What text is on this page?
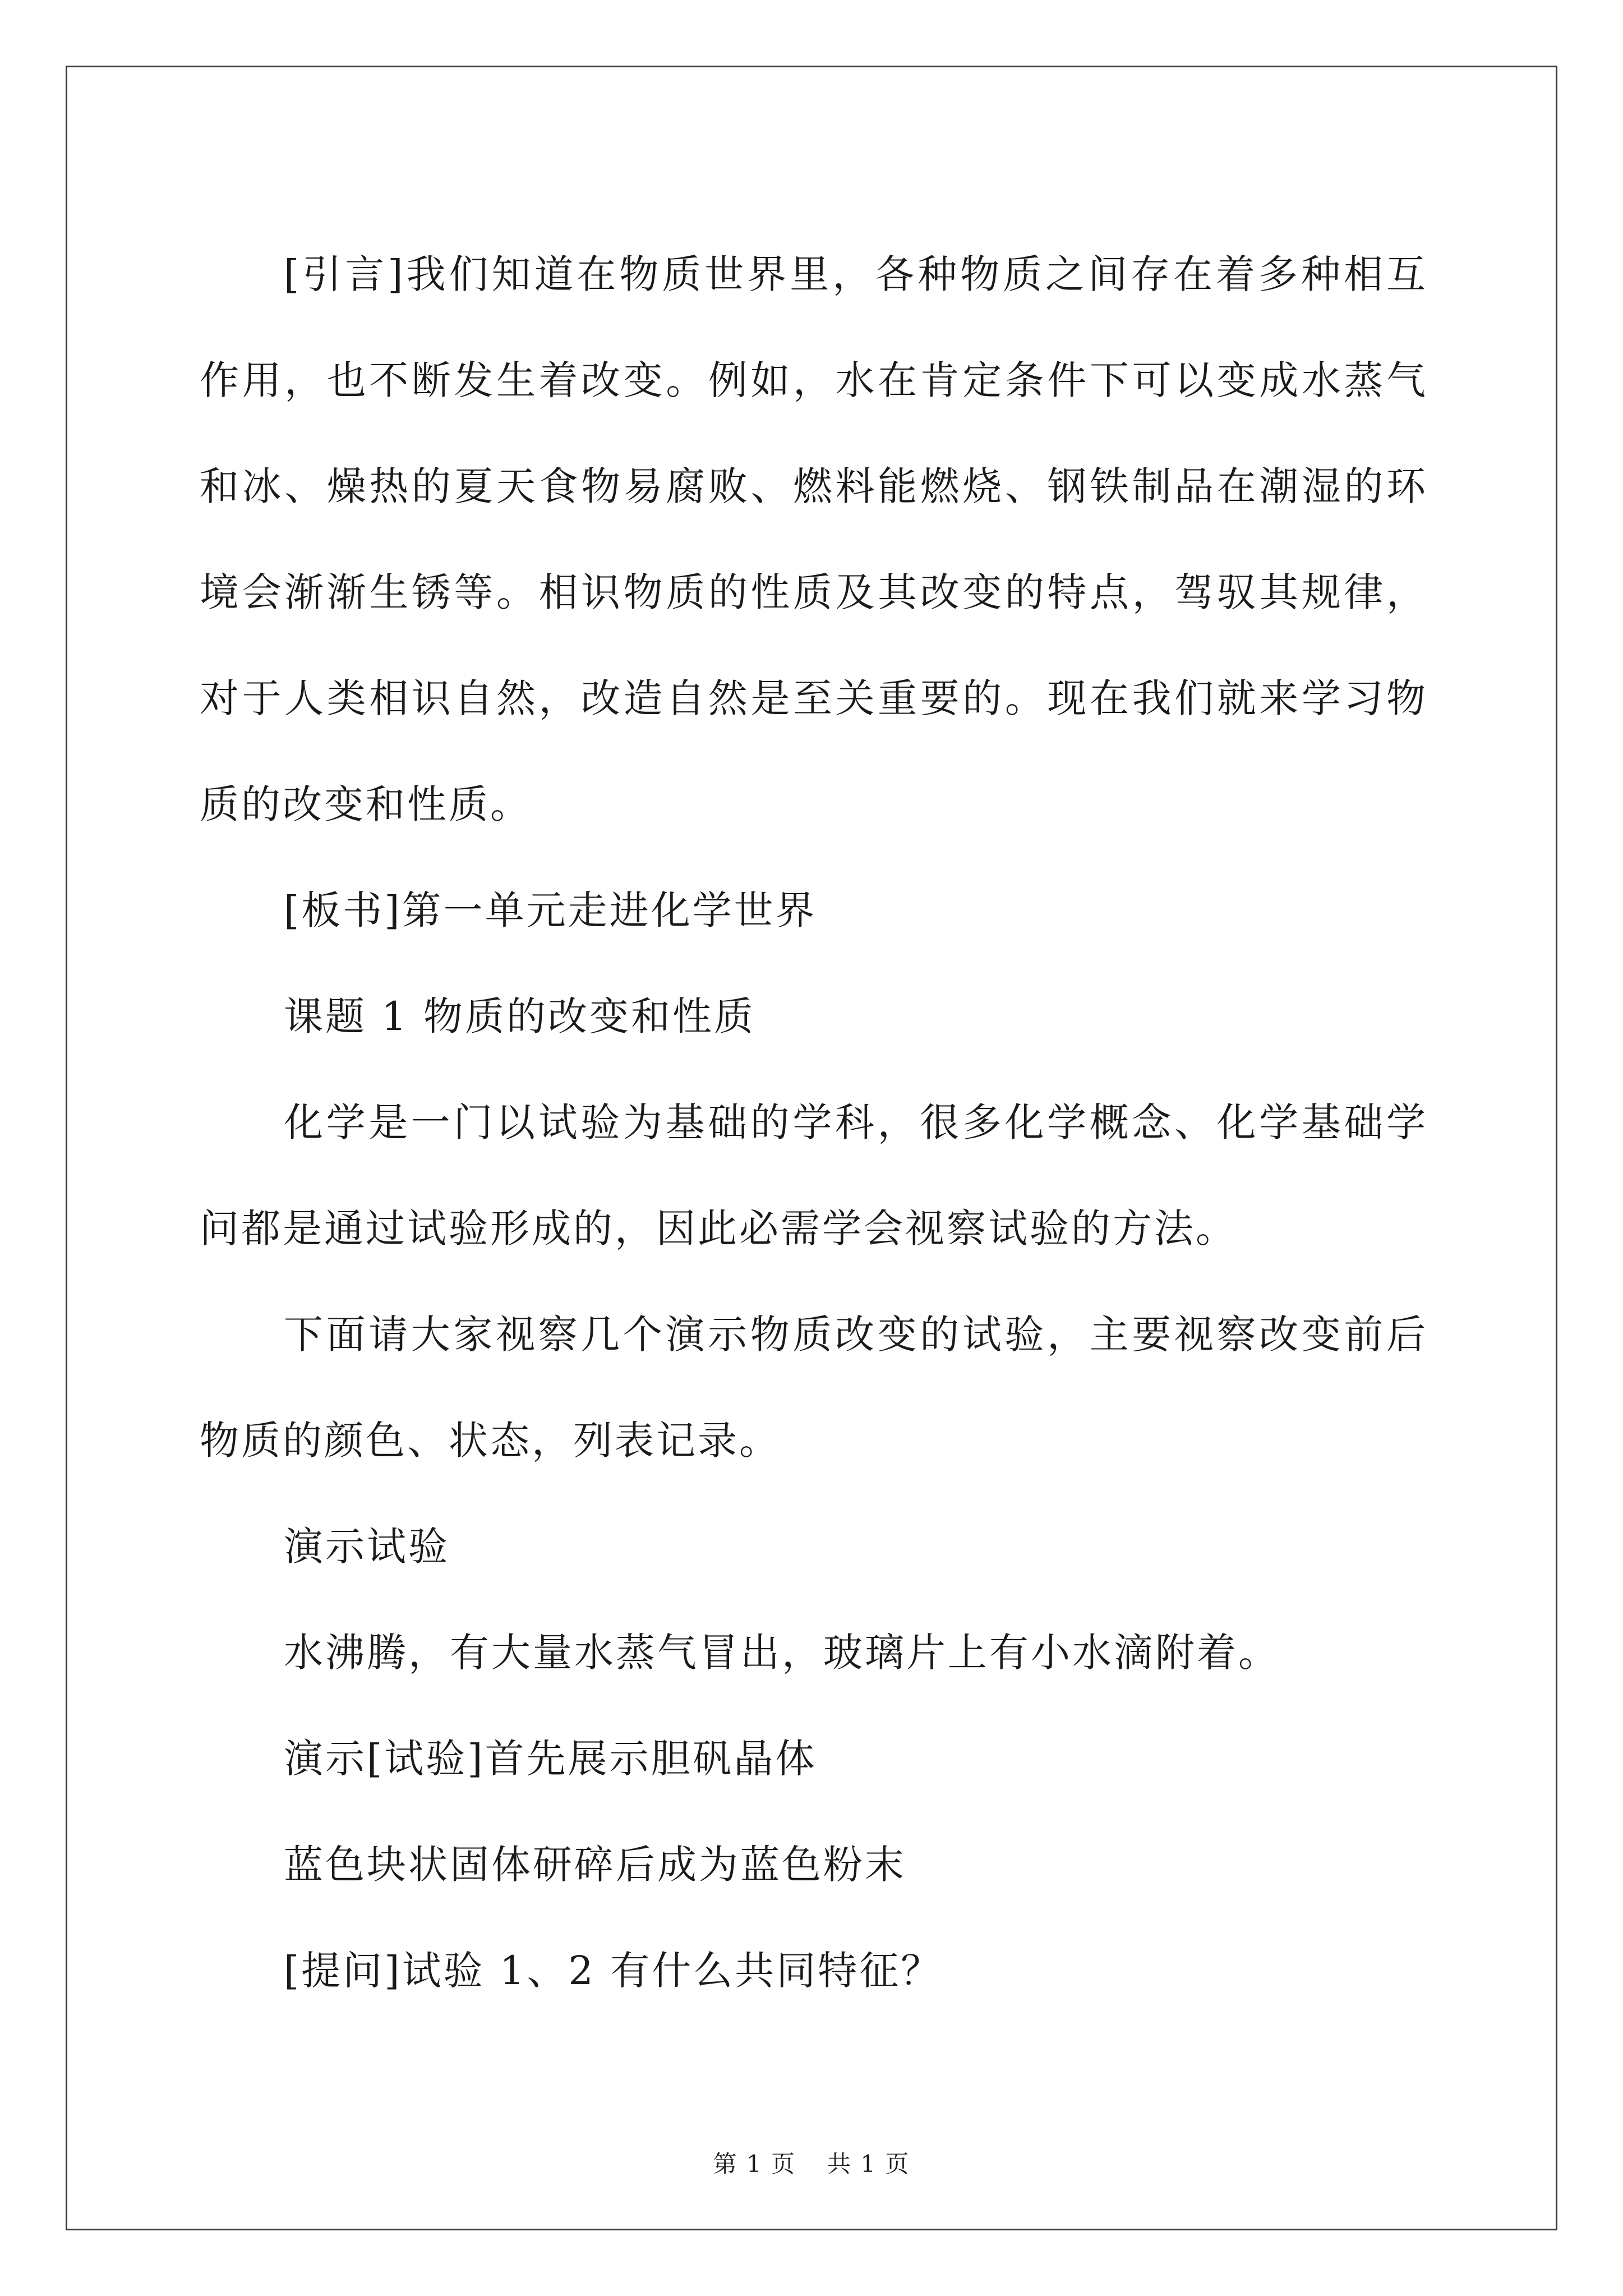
[引言]我们知道在物质世界里，各种物质之间存在着多种相互作用，也不断发生着改变。例如，水在肯定条件下可以变成水蒸气和冰、燥热的夏天食物易腐败、燃料能燃烧、钢铁制品在潮湿的环境会渐渐生锈等。相识物质的性质及其改变的特点，驾驭其规律，对于人类相识自然，改造自然是至关重要的。现在我们就来学习物质的改变和性质。

[板书]第一单元走进化学世界

课题 1 物质的改变和性质

化学是一门以试验为基础的学科，很多化学概念、化学基础学问都是通过试验形成的，因此必需学会视察试验的方法。

下面请大家视察几个演示物质改变的试验，主要视察改变前后物质的颜色、状态，列表记录。

演示试验

水沸腾，有大量水蒸气冒出，玻璃片上有小水滴附着。

演示[试验]首先展示胆矾晶体

蓝色块状固体研碎后成为蓝色粉末

[提问]试验 1、2 有什么共同特征？

第 1 页 共 1 页
